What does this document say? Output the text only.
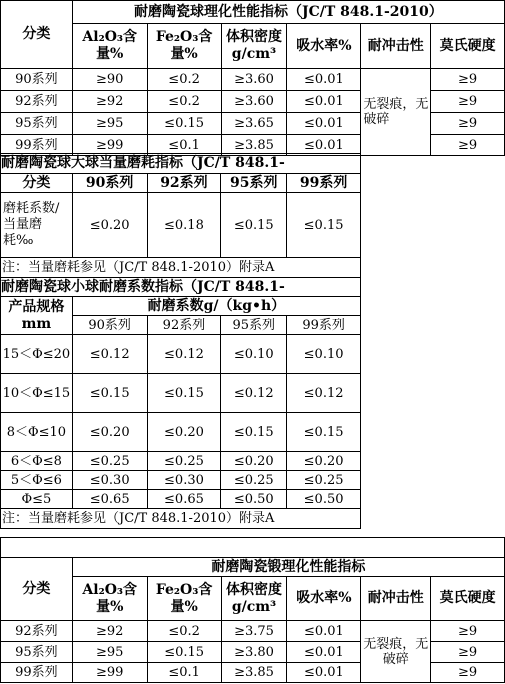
分类	耐磨陶瓷球理化性能指标（JC/T 848.1-2010）					
	Al₂O₃含量%	Fe₂O₃含量%	体积密度g/cm³	吸水率%	耐冲击性	莫氏硬度
90系列	≥90	≤0.2	≥3.60	≤0.01	无裂痕，无破碎	≥9
92系列	≥92	≤0.2	≥3.60	≤0.01		≥9
95系列	≥95	≤0.15	≥3.65	≤0.01		≥9
99系列	≥99	≤0.1	≥3.85	≤0.01		≥9
耐磨陶瓷球大球当量磨耗指标（JC/T 848.1-				
分类	90系列	92系列	95系列	99系列
磨耗系数/当量磨耗‰	≤0.20	≤0.18	≤0.15	≤0.15
注：当量磨耗参见（JC/T 848.1-2010）附录A				
耐磨陶瓷球小球耐磨系数指标（JC/T 848.1-				
产品规格mm	耐磨系数g/（kg•h）			
	90系列	92系列	95系列	99系列
15＜Φ≤20	≤0.12	≤0.12	≤0.10	≤0.10
10＜Φ≤15	≤0.15	≤0.15	≤0.12	≤0.12
8＜Φ≤10	≤0.20	≤0.20	≤0.15	≤0.15
6＜Φ≤8	≤0.25	≤0.25	≤0.20	≤0.20
5＜Φ≤6	≤0.30	≤0.30	≤0.25	≤0.25
Φ≤5	≤0.65	≤0.65	≤0.50	≤0.50
注：当量磨耗参见（JC/T 848.1-2010）附录A				
分类	耐磨陶瓷锻理化性能指标					
	Al₂O₃含量%	Fe₂O₃含量%	体积密度g/cm³	吸水率%	耐冲击性	莫氏硬度
92系列	≥92	≤0.2	≥3.75	≤0.01	无裂痕，无破碎	≥9
95系列	≥95	≤0.15	≥3.80	≤0.01		≥9
99系列	≥99	≤0.1	≥3.85	≤0.01		≥9
